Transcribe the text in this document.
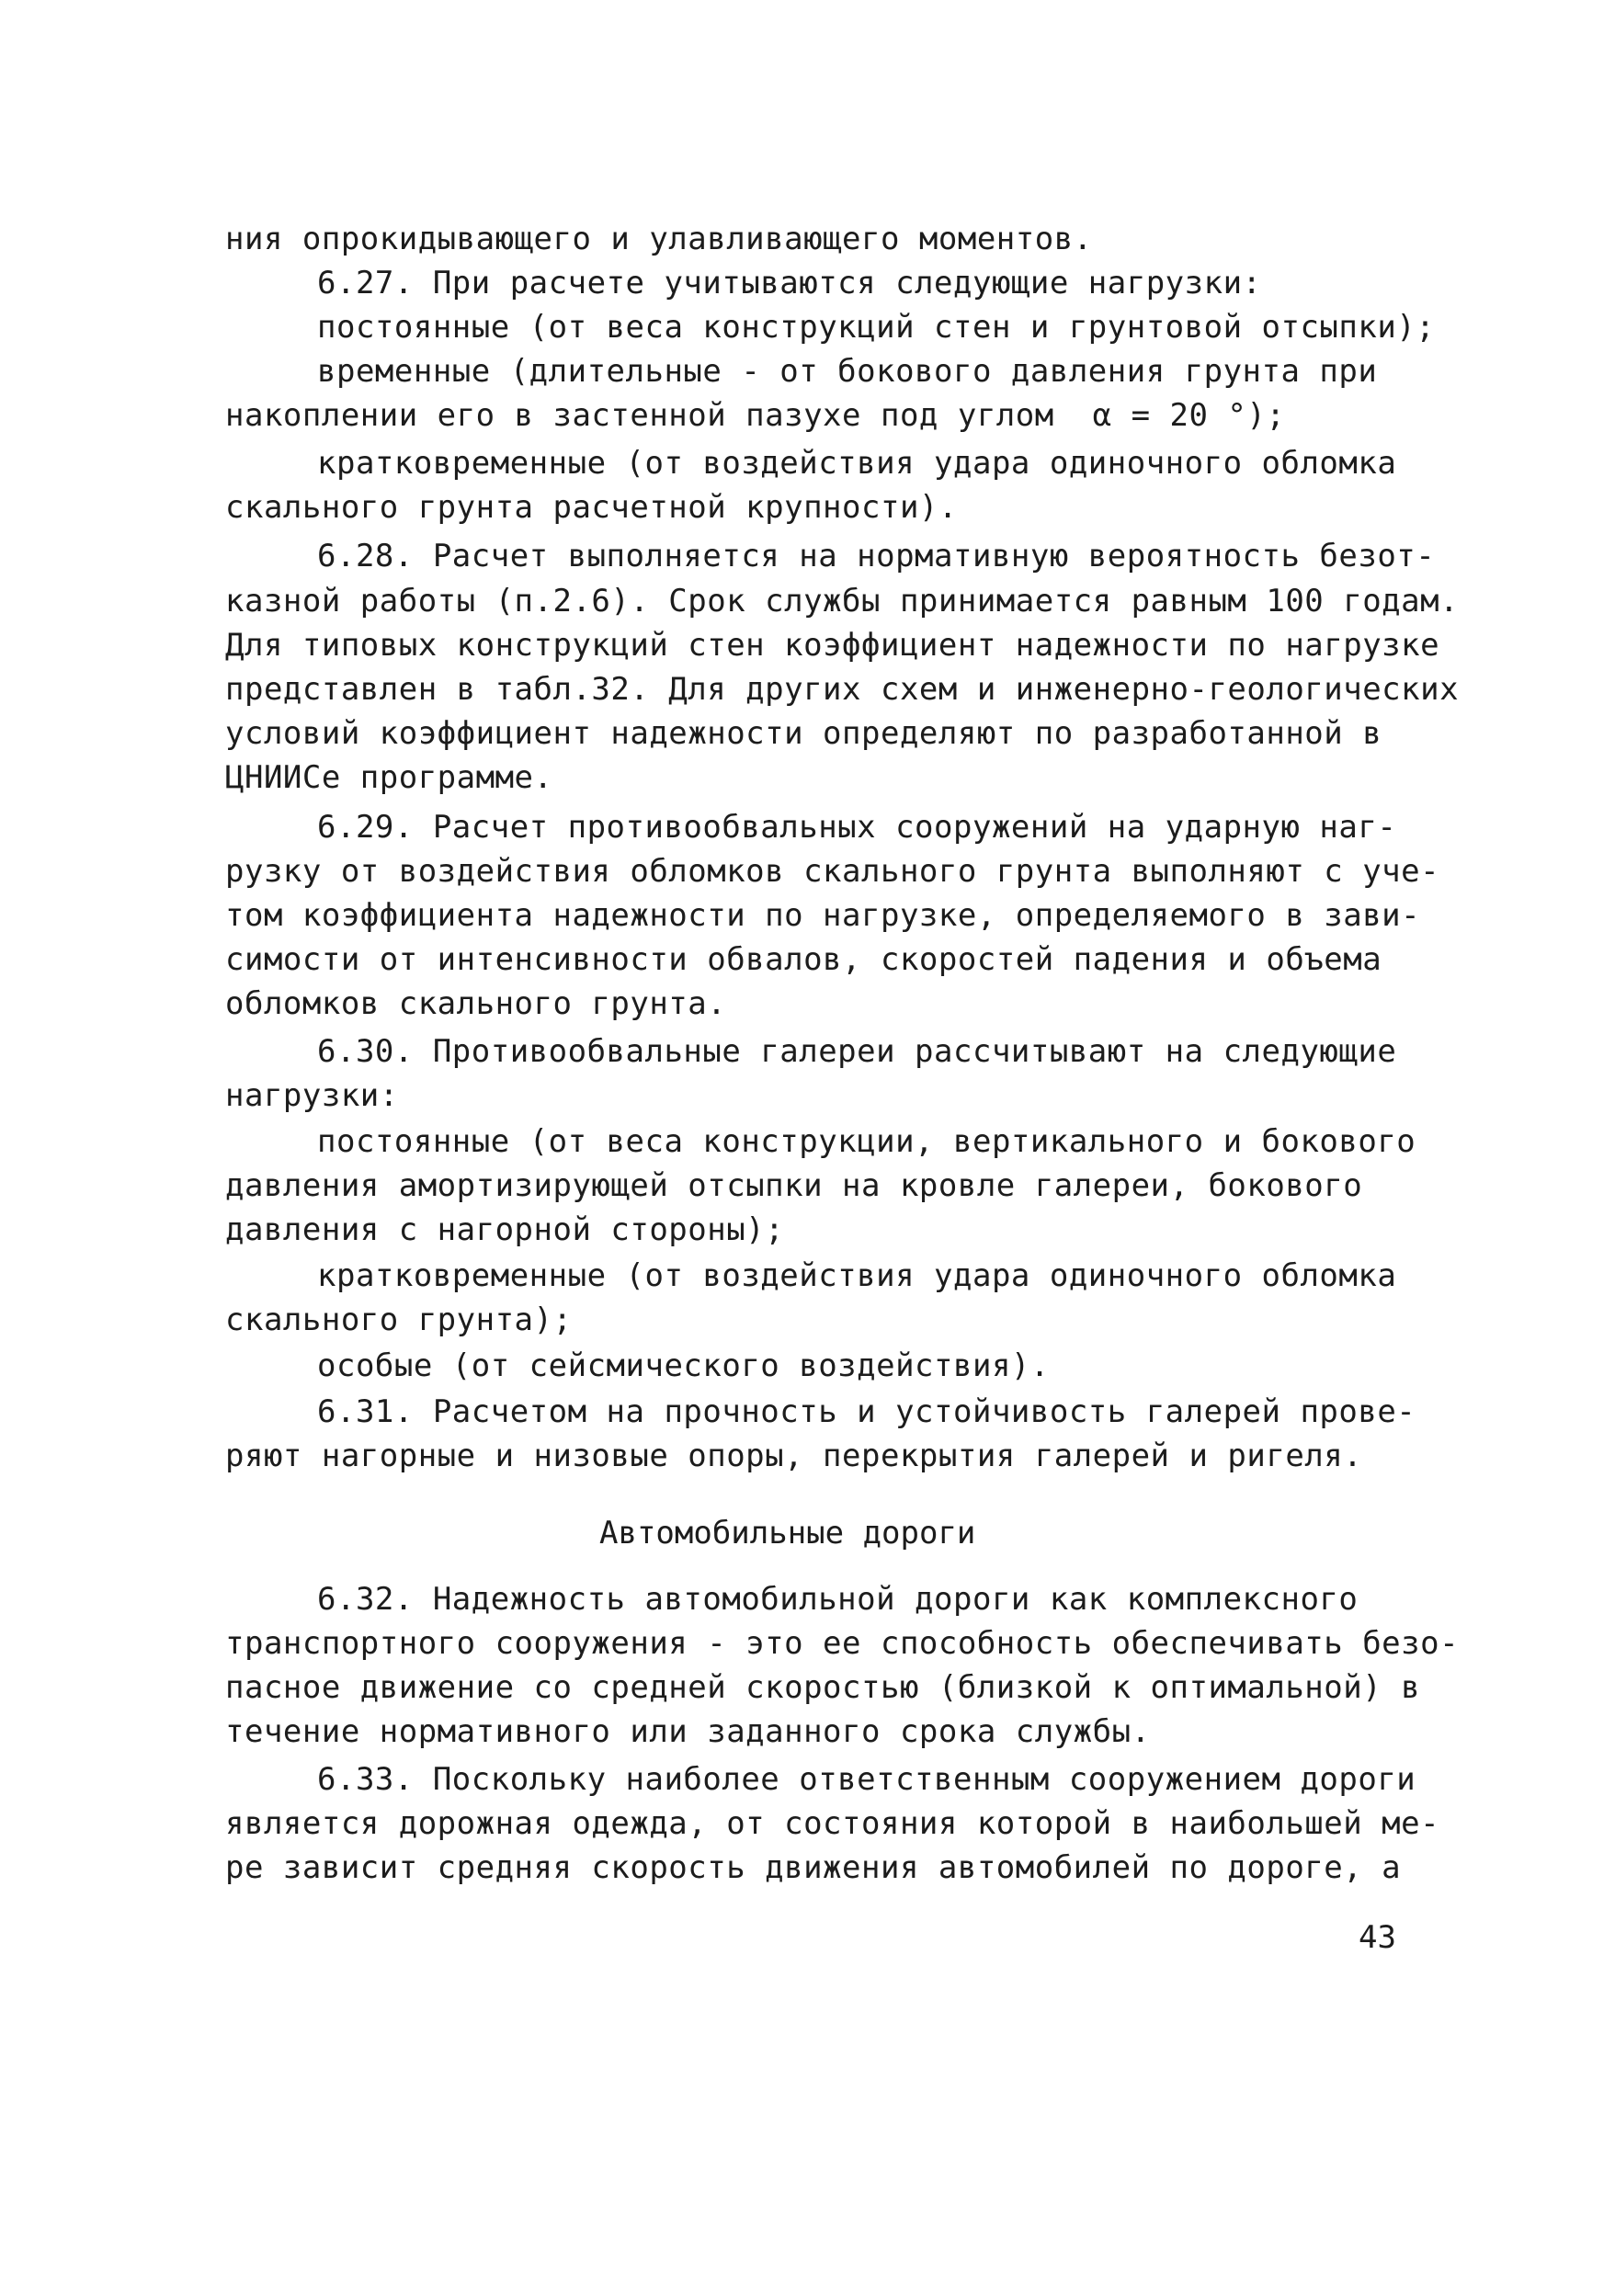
ния опрокидывающего и улавливающего моментов.
6.27. При расчете учитываются следующие нагрузки:
постоянные (от веса конструкций стен и грунтовой отсыпки);
временные (длительные - от бокового давления грунта при
накоплении его в застенной пазухе под углом  α = 20 °);
кратковременные (от воздействия удара одиночного обломка
скального грунта расчетной крупности).
6.28. Расчет выполняется на нормативную вероятность безот-
казной работы (п.2.6). Срок службы принимается равным 100 годам.
Для типовых конструкций стен коэффициент надежности по нагрузке
представлен в табл.32. Для других схем и инженерно-геологических
условий коэффициент надежности определяют по разработанной в
ЦНИИСе программе.
6.29. Расчет противообвальных сооружений на ударную наг-
рузку от воздействия обломков скального грунта выполняют с уче-
том коэффициента надежности по нагрузке, определяемого в зави-
симости от интенсивности обвалов, скоростей падения и объема
обломков скального грунта.
6.30. Противообвальные галереи рассчитывают на следующие
нагрузки:
постоянные (от веса конструкции, вертикального и бокового
давления амортизирующей отсыпки на кровле галереи, бокового
давления с нагорной стороны);
кратковременные (от воздействия удара одиночного обломка
скального грунта);
особые (от сейсмического воздействия).
6.31. Расчетом на прочность и устойчивость галерей прове-
ряют нагорные и низовые опоры, перекрытия галерей и ригеля.
Автомобильные дороги
6.32. Надежность автомобильной дороги как комплексного
транспортного сооружения - это ее способность обеспечивать безо-
пасное движение со средней скоростью (близкой к оптимальной) в
течение нормативного или заданного срока службы.
6.33. Поскольку наиболее ответственным сооружением дороги
является дорожная одежда, от состояния которой в наибольшей ме-
ре зависит средняя скорость движения автомобилей по дороге, а
43
